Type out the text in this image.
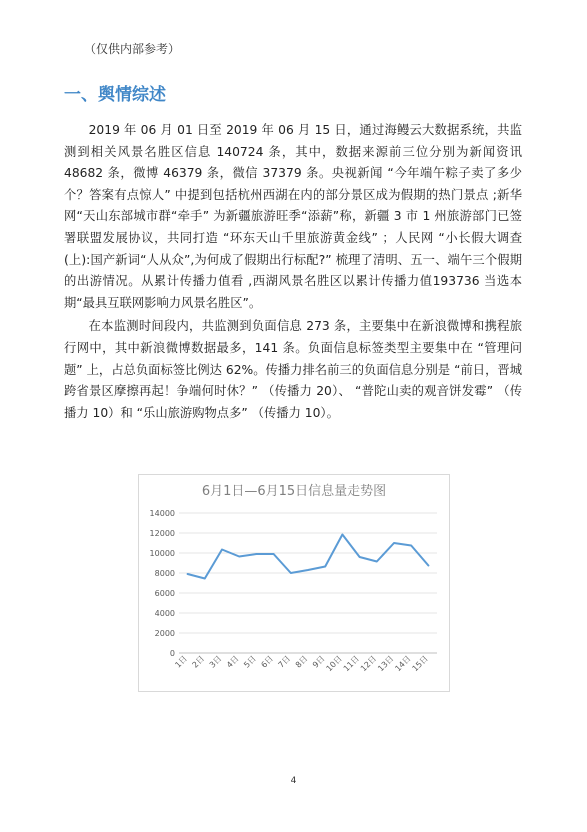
（仅供内部参考）
一、舆情综述

2019 年 06 月 01 日至 2019 年 06 月 15 日，通过海鳗云大数据系统，共监测到相关风景名胜区信息 140724 条，其中，数据来源前三位分别为新闻资讯 48682 条，微博 46379 条，微信 37379 条。央视新闻 “今年端午粽子卖了多少个？答案有点惊人” 中提到包括杭州西湖在内的部分景区成为假期的热门景点 ;新华网“天山东部城市群“牵手” 为新疆旅游旺季“添薪”称，新疆 3 市 1 州旅游部门已签署联盟发展协议，共同打造 “环东天山千里旅游黄金线” ；人民网 “小长假大调查(上):国产新词“人从众”,为何成了假期出行标配?” 梳理了清明、五一、端午三个假期的出游情况。从累计传播力值看 ,西湖风景名胜区以累计传播力值193736 当选本期“最具互联网影响力风景名胜区”。

在本监测时间段内，共监测到负面信息 273 条，主要集中在新浪微博和携程旅行网中，其中新浪微博数据最多，141 条。负面信息标签类型主要集中在 “管理问题” 上，占总负面标签比例达 62%。传播力排名前三的负面信息分别是 “前日，晋城跨省景区摩擦再起！争端何时休？” （传播力 20）、 “普陀山卖的观音饼发霉” （传播力 10）和 “乐山旅游购物点多” （传播力 10）。

6月1日—6月15日信息量走势图
0
2000
4000
6000
8000
10000
12000
14000
1日 2日 3日 4日 5日 6日 7日 8日 9日
10日
11日
12日
13日
14日
15日
4
